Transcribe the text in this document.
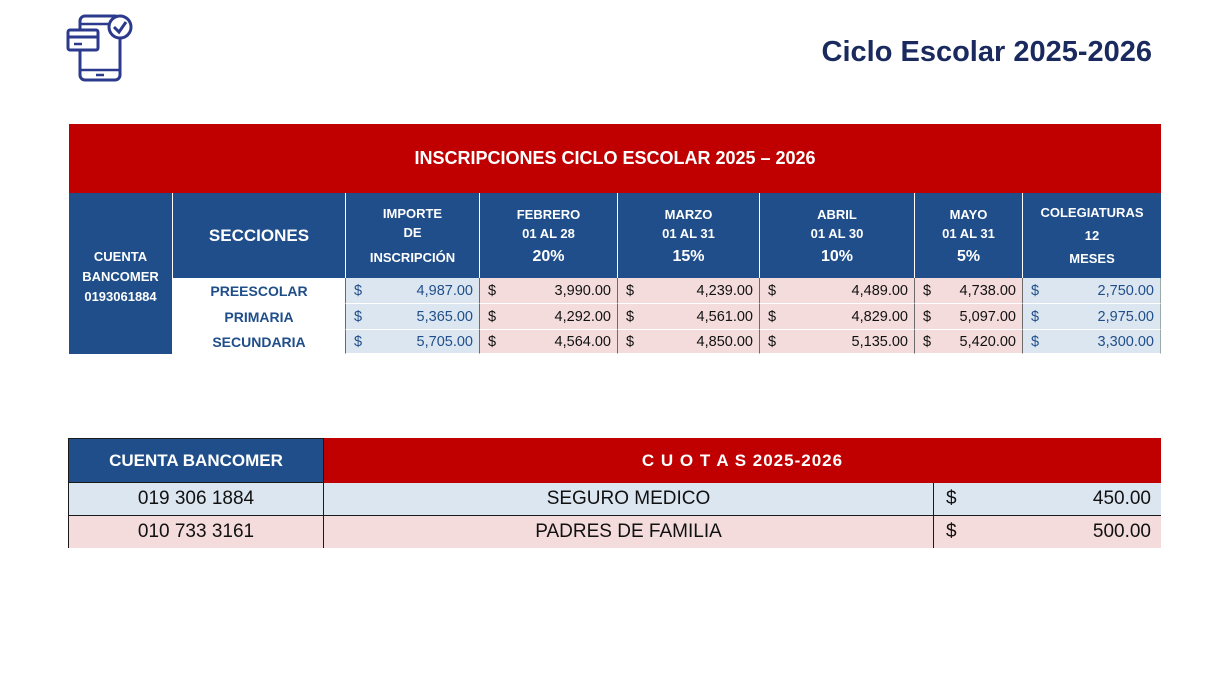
Ciclo Escolar 2025-2026
INSCRIPCIONES CICLO ESCOLAR 2025 – 2026
CUENTA
BANCOMER
0193061884
SECCIONES
IMPORTE
DE
INSCRIPCIÓN
FEBRERO
01 AL 28
20%
MARZO
01 AL 31
15%
ABRIL
01 AL 30
10%
MAYO
01 AL 31
5%
COLEGIATURAS
12
MESES
PREESCOLAR	$	4,987.00 $	3,990.00 $	4,239.00 $	4,489.00 $ 4,738.00 $	2,750.00
PRIMARIA	$	5,365.00 $	4,292.00 $	4,561.00 $	4,829.00 $ 5,097.00 $	2,975.00
SECUNDARIA	$	5,705.00 $	4,564.00 $	4,850.00 $	5,135.00 $ 5,420.00 $	3,300.00
CUENTA BANCOMER	C U O T A S 2025-2026
019 306 1884	SEGURO MEDICO	$	450.00
010 733 3161	PADRES DE FAMILIA	$	500.00
